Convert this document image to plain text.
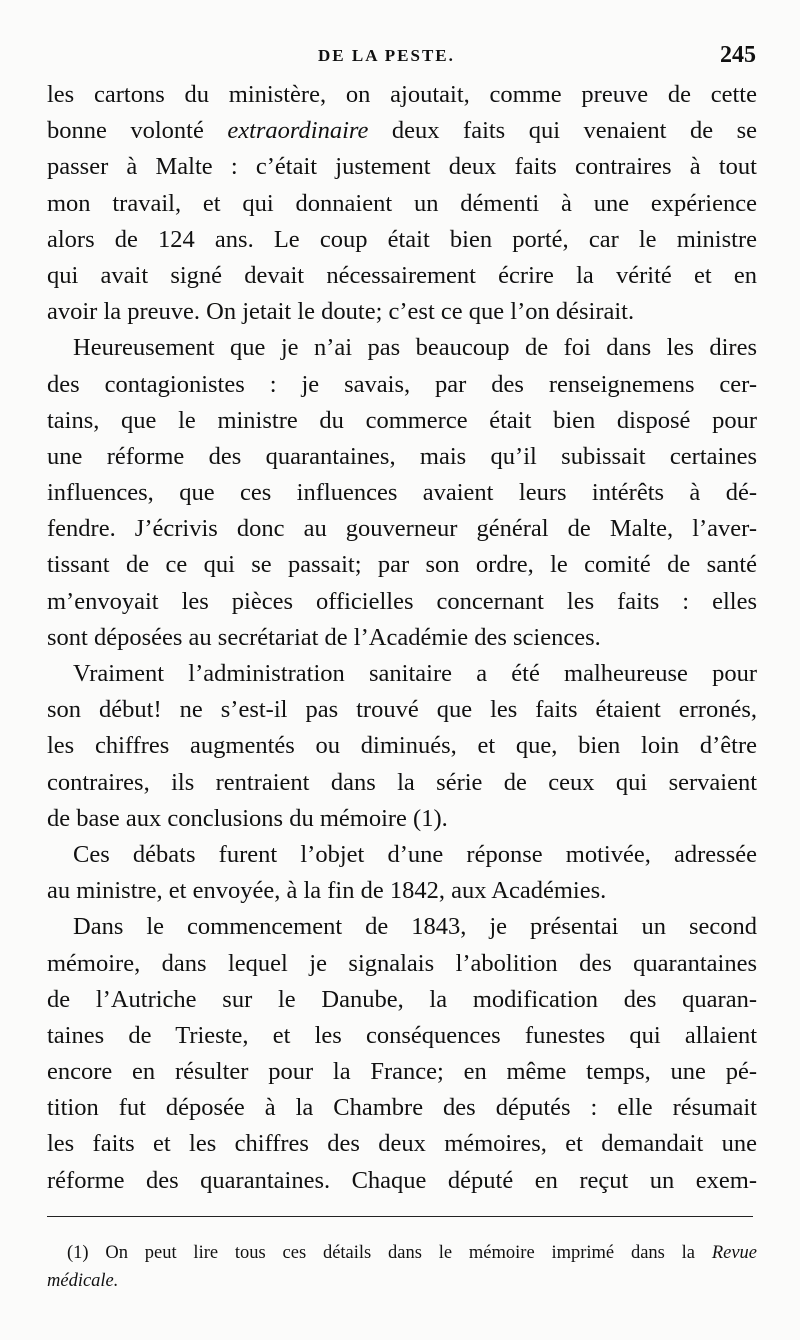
DE LA PESTE.	245
les cartons du ministère, on ajoutait, comme preuve de cette
bonne volonté extraordinaire deux faits qui venaient de se
passer à Malte : c’était justement deux faits contraires à tout
mon travail, et qui donnaient un démenti à une expérience
alors de 124 ans. Le coup était bien porté, car le ministre
qui avait signé devait nécessairement écrire la vérité et en
avoir la preuve. On jetait le doute; c’est ce que l’on désirait.
Heureusement que je n’ai pas beaucoup de foi dans les dires
des contagionistes : je savais, par des renseignemens cer-
tains, que le ministre du commerce était bien disposé pour
une réforme des quarantaines, mais qu’il subissait certaines
influences, que ces influences avaient leurs intérêts à dé-
fendre. J’écrivis donc au gouverneur général de Malte, l’aver-
tissant de ce qui se passait; par son ordre, le comité de santé
m’envoyait les pièces officielles concernant les faits : elles
sont déposées au secrétariat de l’Académie des sciences.
Vraiment l’administration sanitaire a été malheureuse pour
son début! ne s’est-il pas trouvé que les faits étaient erronés,
les chiffres augmentés ou diminués, et que, bien loin d’être
contraires, ils rentraient dans la série de ceux qui servaient
de base aux conclusions du mémoire (1).
Ces débats furent l’objet d’une réponse motivée, adressée
au ministre, et envoyée, à la fin de 1842, aux Académies.
Dans le commencement de 1843, je présentai un second
mémoire, dans lequel je signalais l’abolition des quarantaines
de l’Autriche sur le Danube, la modification des quaran-
taines de Trieste, et les conséquences funestes qui allaient
encore en résulter pour la France; en même temps, une pé-
tition fut déposée à la Chambre des députés : elle résumait
les faits et les chiffres des deux mémoires, et demandait une
réforme des quarantaines. Chaque député en reçut un exem-
(1) On peut lire tous ces détails dans le mémoire imprimé dans la Revue
médicale.
